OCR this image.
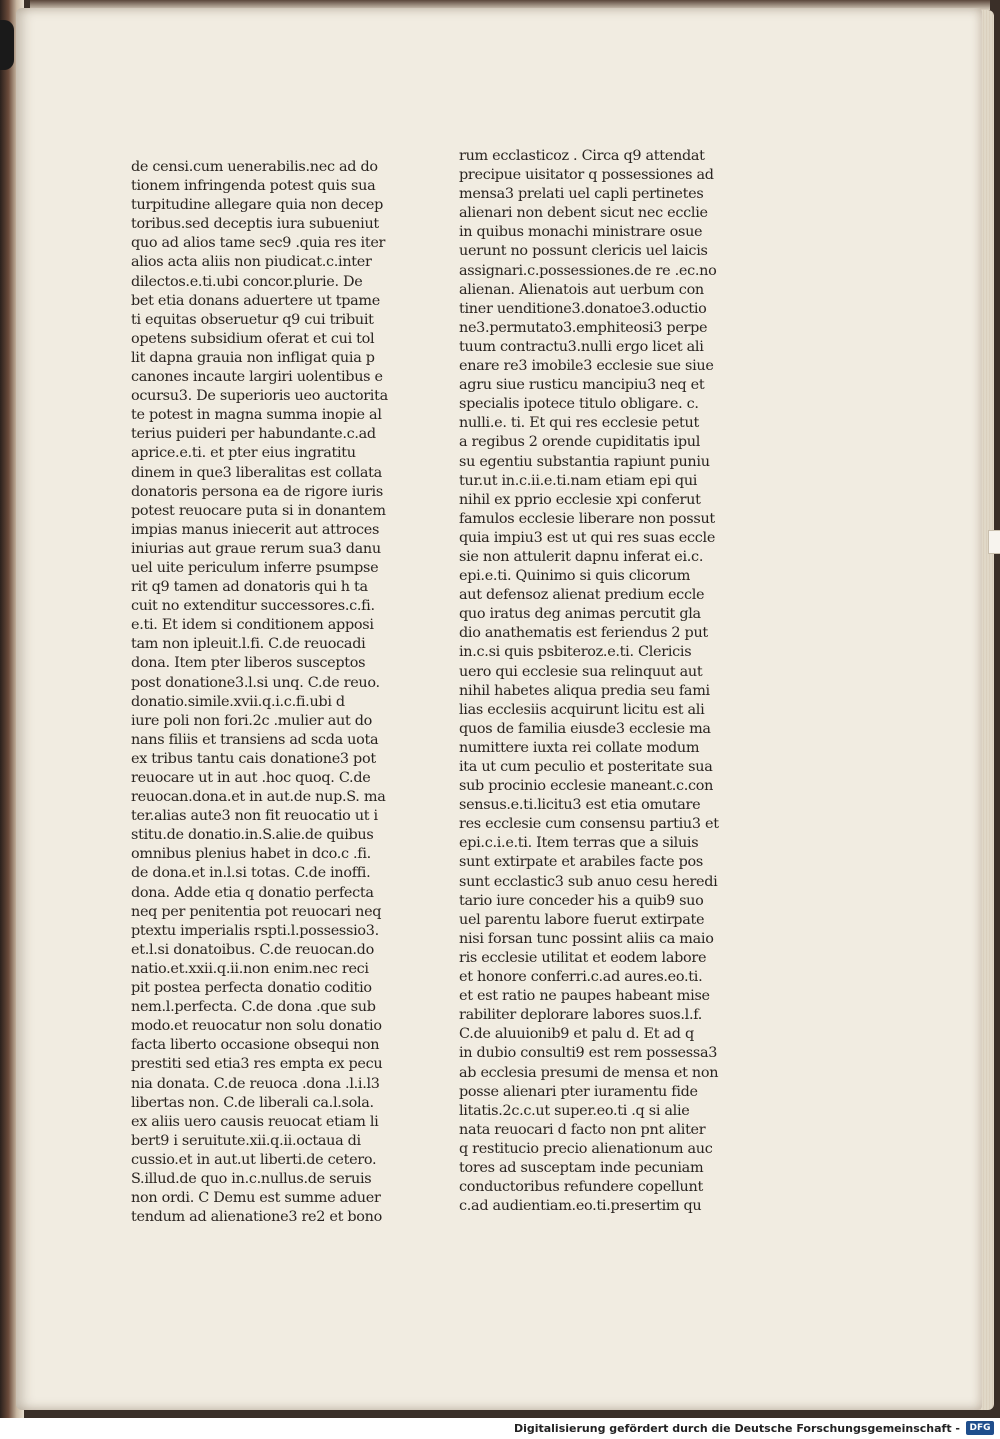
de censi.cum uenerabilis.nec ad do
tionem infringenda potest quis sua
turpitudine allegare quia non decep
toribus.sed deceptis iura subueniut
quo ad alios tame sec9 .quia res iter
alios acta aliis non piudicat.c.inter
dilectos.e.ti.ubi concor.plurie. De
bet etia donans aduertere ut tpame
ti equitas obseruetur q9 cui tribuit
opetens subsidium oferat et cui tol
lit dapna grauia non infligat quia p
canones incaute largiri uolentibus e
ocursu3. De superioris ueo auctorita
te potest in magna summa inopie al
terius puideri per habundante.c.ad
aprice.e.ti. et pter eius ingratitu
dinem in que3 liberalitas est collata
donatoris persona ea de rigore iuris
potest reuocare puta si in donantem
impias manus iniecerit aut attroces
iniurias aut graue rerum sua3 danu
uel uite periculum inferre psumpse
rit q9 tamen ad donatoris qui h ta
cuit no extenditur successores.c.fi.
e.ti. Et idem si conditionem apposi
tam non ipleuit.l.fi. C.de reuocadi
dona. Item pter liberos susceptos
post donatione3.l.si unq. C.de reuo.
donatio.simile.xvii.q.i.c.fi.ubi d
iure poli non fori.2c .mulier aut do
nans filiis et transiens ad scda uota
ex tribus tantu cais donatione3 pot
reuocare ut in aut .hoc quoq. C.de
reuocan.dona.et in aut.de nup.S. ma
ter.alias aute3 non fit reuocatio ut i
stitu.de donatio.in.S.alie.de quibus
omnibus plenius habet in dco.c .fi.
de dona.et in.l.si totas. C.de inoffi.
dona. Adde etia q donatio perfecta
neq per penitentia pot reuocari neq
ptextu imperialis rspti.l.possessio3.
et.l.si donatoibus. C.de reuocan.do
natio.et.xxii.q.ii.non enim.nec reci
pit postea perfecta donatio coditio
nem.l.perfecta. C.de dona .que sub
modo.et reuocatur non solu donatio
facta liberto occasione obsequi non
prestiti sed etia3 res empta ex pecu
nia donata. C.de reuoca .dona .l.i.l3
libertas non. C.de liberali ca.l.sola.
ex aliis uero causis reuocat etiam li
bert9 i seruitute.xii.q.ii.octaua di
cussio.et in aut.ut liberti.de cetero.
S.illud.de quo in.c.nullus.de seruis
non ordi. C Demu est summe aduer
tendum ad alienatione3 re2 et bono
rum ecclasticoz . Circa q9 attendat
precipue uisitator q possessiones ad
mensa3 prelati uel capli pertinetes
alienari non debent sicut nec ecclie
in quibus monachi ministrare osue
uerunt no possunt clericis uel laicis
assignari.c.possessiones.de re .ec.no
alienan. Alienatois aut uerbum con
tiner uenditione3.donatoe3.oductio
ne3.permutato3.emphiteosi3 perpe
tuum contractu3.nulli ergo licet ali
enare re3 imobile3 ecclesie sue siue
agru siue rusticu mancipiu3 neq et
specialis ipotece titulo obligare. c.
nulli.e. ti. Et qui res ecclesie petut
a regibus 2 orende cupiditatis ipul
su egentiu substantia rapiunt puniu
tur.ut in.c.ii.e.ti.nam etiam epi qui
nihil ex pprio ecclesie xpi conferut
famulos ecclesie liberare non possut
quia impiu3 est ut qui res suas eccle
sie non attulerit dapnu inferat ei.c.
epi.e.ti. Quinimo si quis clicorum
aut defensoz alienat predium eccle
quo iratus deg animas percutit gla
dio anathematis est feriendus 2 put
in.c.si quis psbiteroz.e.ti. Clericis
uero qui ecclesie sua relinquut aut
nihil habetes aliqua predia seu fami
lias ecclesiis acquirunt licitu est ali
quos de familia eiusde3 ecclesie ma
numittere iuxta rei collate modum
ita ut cum peculio et posteritate sua
sub procinio ecclesie maneant.c.con
sensus.e.ti.licitu3 est etia omutare
res ecclesie cum consensu partiu3 et
epi.c.i.e.ti. Item terras que a siluis
sunt extirpate et arabiles facte pos
sunt ecclastic3 sub anuo cesu heredi
tario iure conceder his a quib9 suo
uel parentu labore fuerut extirpate
nisi forsan tunc possint aliis ca maio
ris ecclesie utilitat et eodem labore
et honore conferri.c.ad aures.eo.ti.
et est ratio ne paupes habeant mise
rabiliter deplorare labores suos.l.f.
C.de aluuionib9 et palu d. Et ad q
in dubio consulti9 est rem possessa3
ab ecclesia presumi de mensa et non
posse alienari pter iuramentu fide
litatis.2c.c.ut super.eo.ti .q si alie
nata reuocari d facto non pnt aliter
q restitucio precio alienationum auc
tores ad susceptam inde pecuniam
conductoribus refundere copellunt
c.ad audientiam.eo.ti.presertim qu
Digitalisierung gefördert durch die Deutsche Forschungsgemeinschaft -	DFG
